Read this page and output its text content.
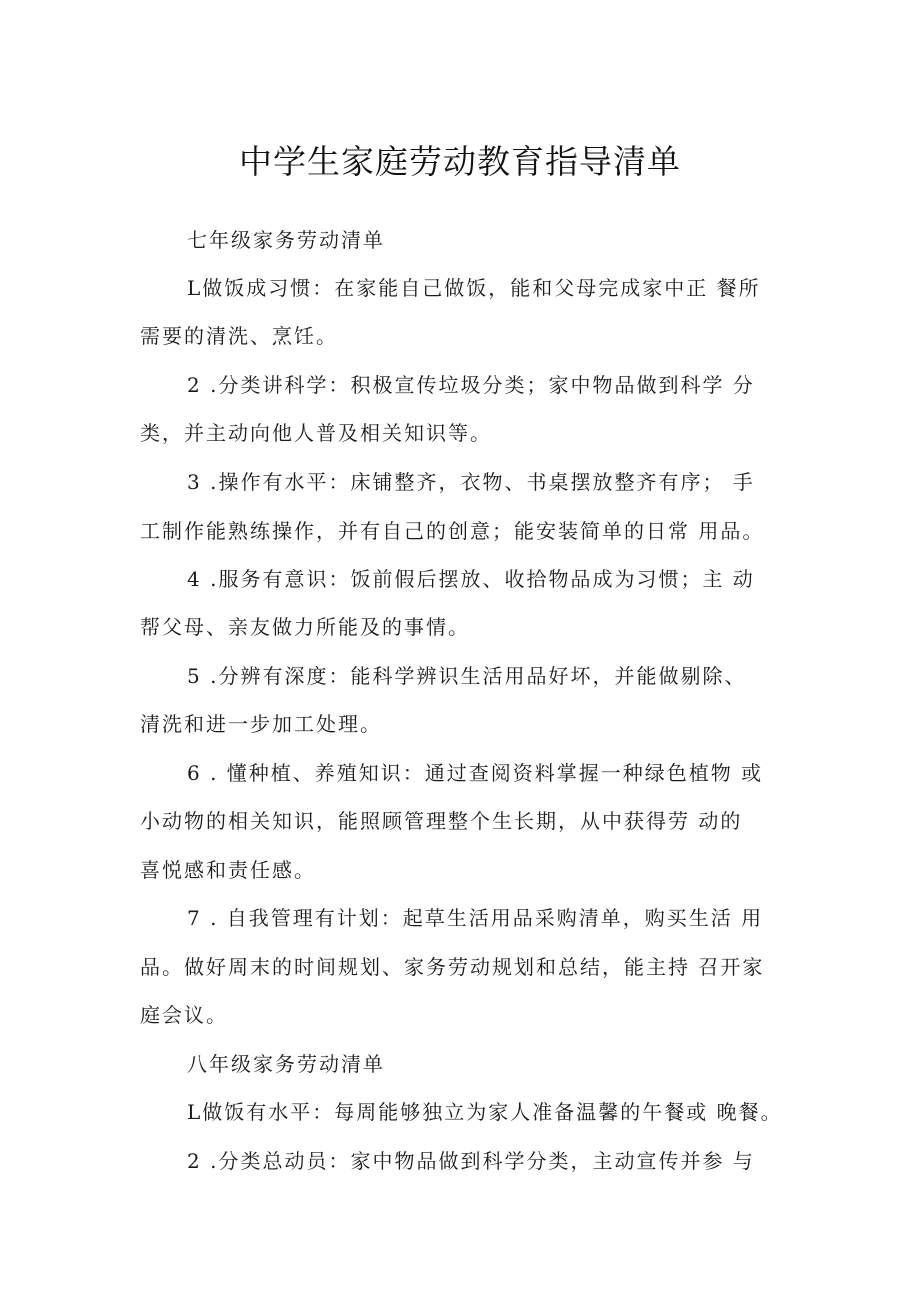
中学生家庭劳动教育指导清单
七年级家务劳动清单
L做饭成习惯：在家能自己做饭，能和父母完成家中正 餐所
需要的清洗、烹饪。
2 .分类讲科学：积极宣传垃圾分类；家中物品做到科学 分
类，并主动向他人普及相关知识等。
3 .操作有水平：床铺整齐，衣物、书桌摆放整齐有序； 手
工制作能熟练操作，并有自己的创意；能安装简单的日常 用品。
4 .服务有意识：饭前假后摆放、收拾物品成为习惯；主 动
帮父母、亲友做力所能及的事情。
5 .分辨有深度：能科学辨识生活用品好坏，并能做剔除、
清洗和进一步加工处理。
6 . 懂种植、养殖知识：通过查阅资料掌握一种绿色植物 或
小动物的相关知识，能照顾管理整个生长期，从中获得劳 动的
喜悦感和责任感。
7 . 自我管理有计划：起草生活用品采购清单，购买生活 用
品。做好周末的时间规划、家务劳动规划和总结，能主持 召开家
庭会议。
八年级家务劳动清单
L做饭有水平：每周能够独立为家人准备温馨的午餐或 晚餐。
2 .分类总动员：家中物品做到科学分类，主动宣传并参 与
